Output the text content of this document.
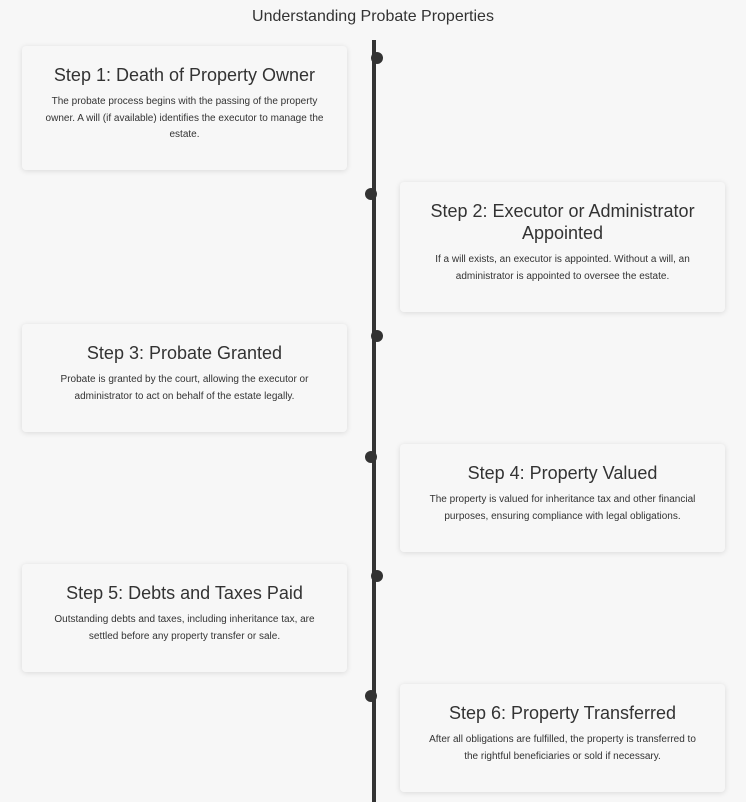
Understanding Probate Properties
Step 1: Death of Property Owner

The probate process begins with the passing of the property owner. A will (if available) identifies the executor to manage the estate.

Step 2: Executor or Administrator Appointed

If a will exists, an executor is appointed. Without a will, an administrator is appointed to oversee the estate.

Step 3: Probate Granted

Probate is granted by the court, allowing the executor or administrator to act on behalf of the estate legally.

Step 4: Property Valued

The property is valued for inheritance tax and other financial purposes, ensuring compliance with legal obligations.

Step 5: Debts and Taxes Paid

Outstanding debts and taxes, including inheritance tax, are settled before any property transfer or sale.

Step 6: Property Transferred

After all obligations are fulfilled, the property is transferred to the rightful beneficiaries or sold if necessary.
